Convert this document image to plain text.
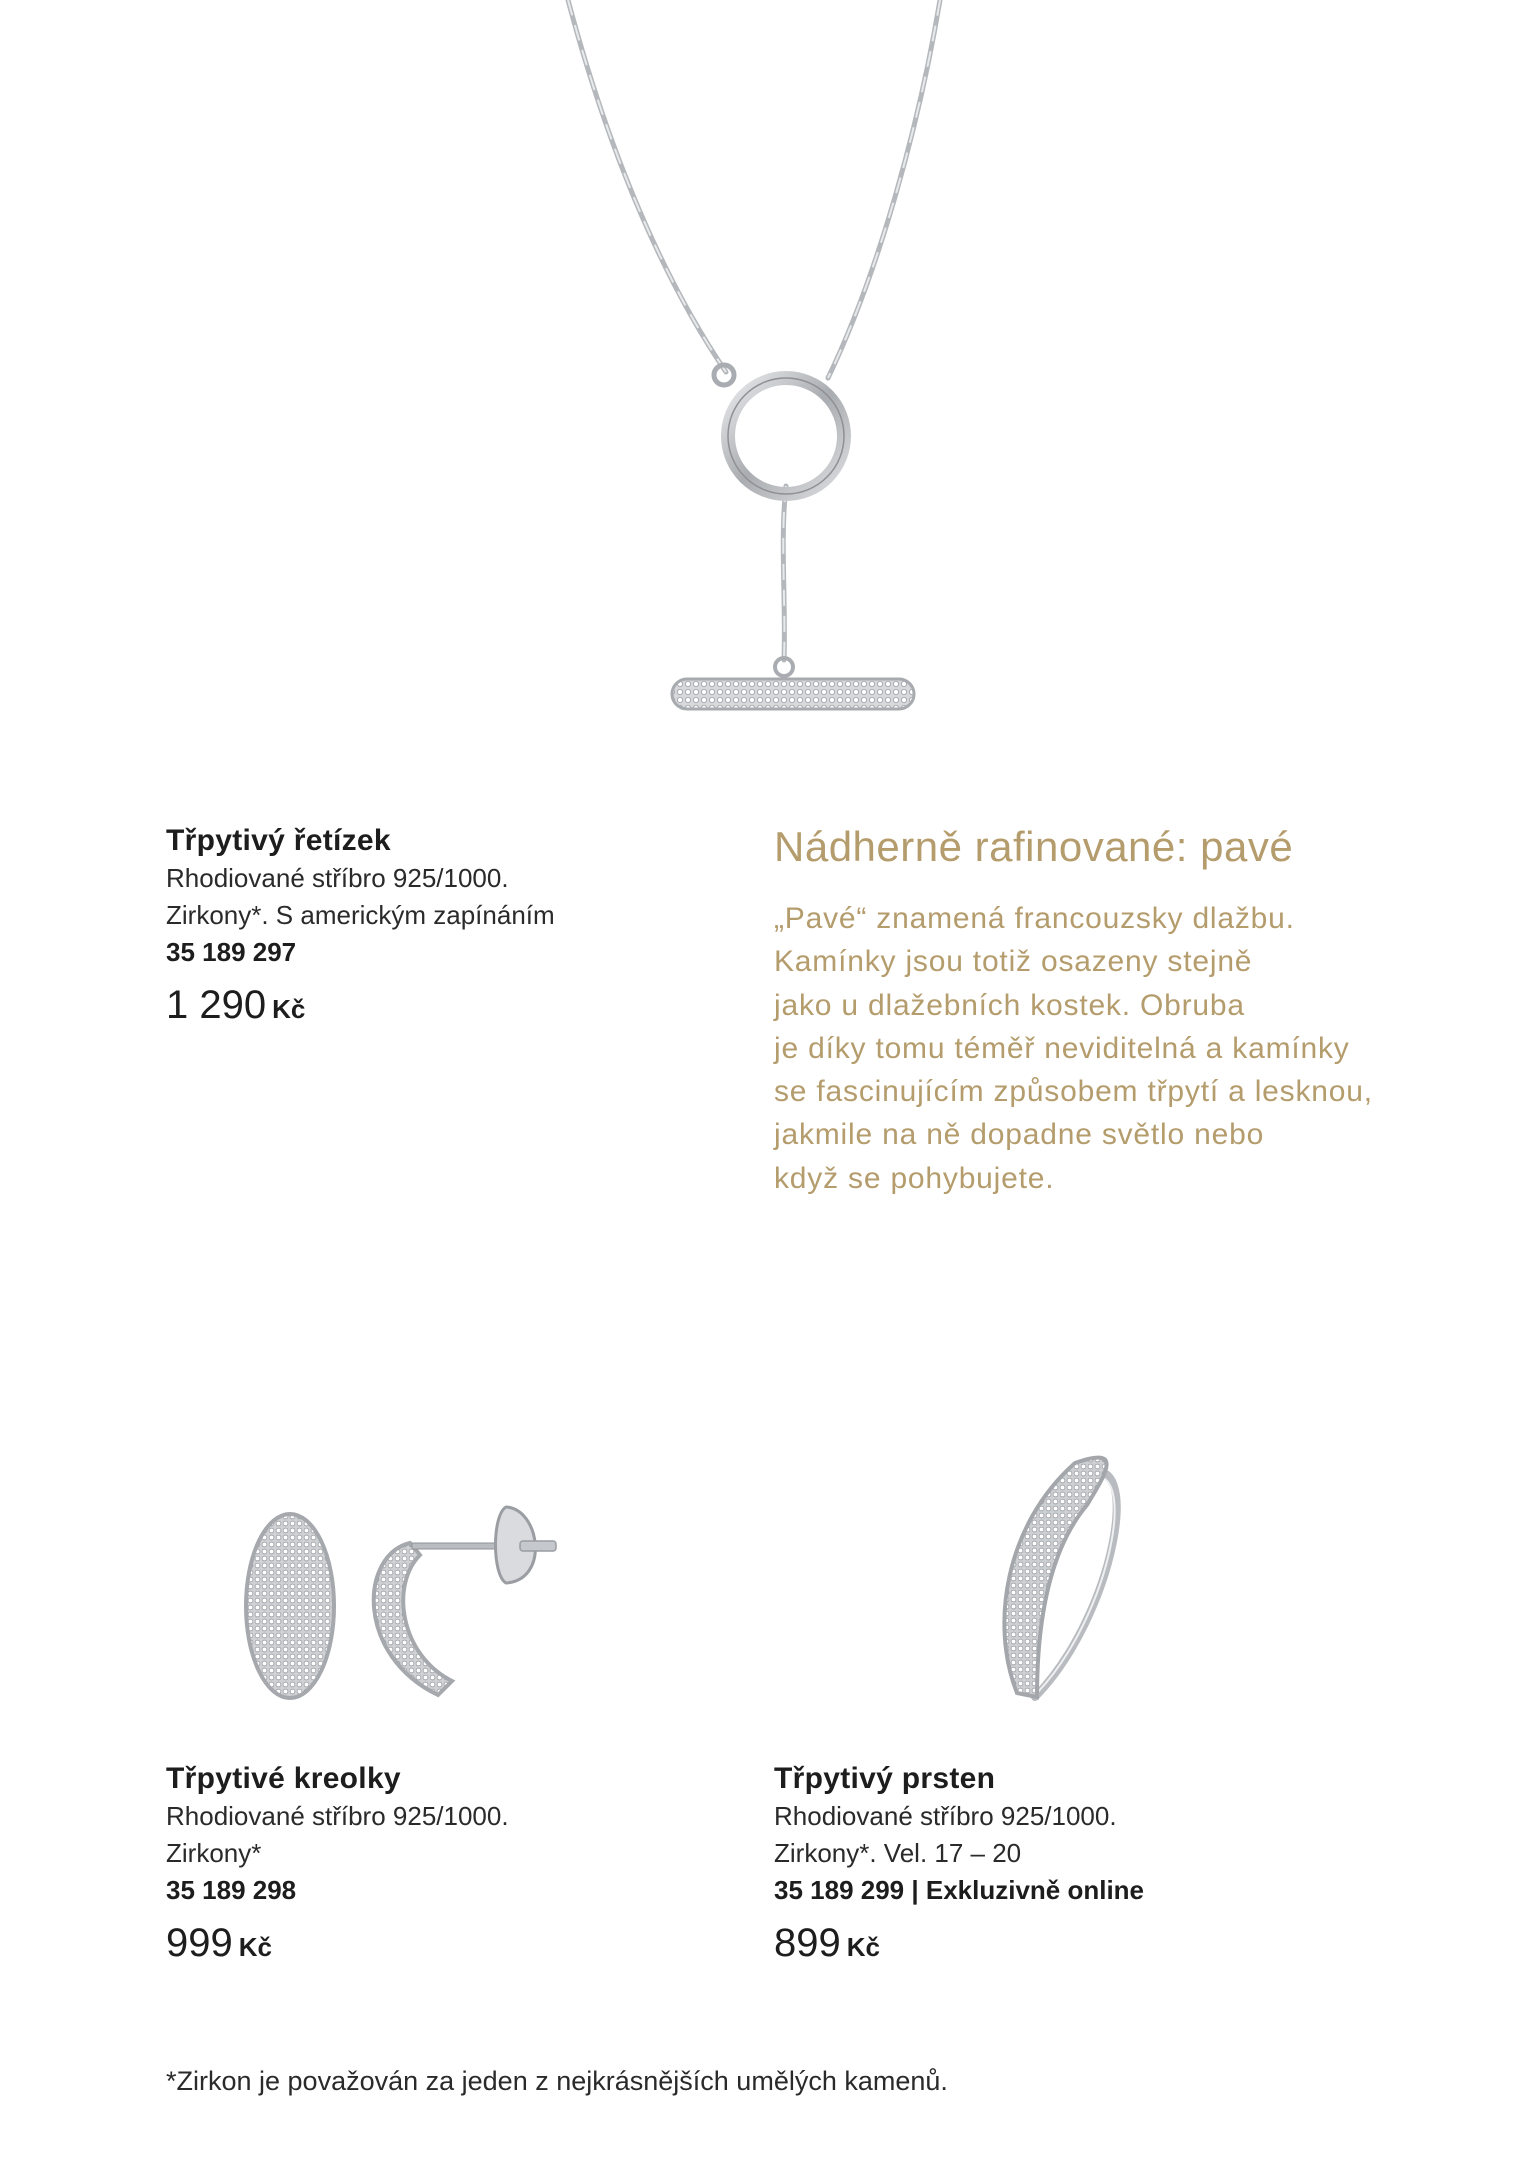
Třpytivý řetízek
Rhodiované stříbro 925/1000.
Zirkony*. S americkým zapínáním
35 189 297
1 290 Kč
Nádherně rafinované: pavé
„Pavé“ znamená francouzsky dlažbu.
Kamínky jsou totiž osazeny stejně
jako u dlažebních kostek. Obruba
je díky tomu téměř neviditelná a kamínky
se fascinujícím způsobem třpytí a lesknou,
jakmile na ně dopadne světlo nebo
když se pohybujete.
Třpytivé kreolky
Rhodiované stříbro 925/1000.
Zirkony*
35 189 298
999 Kč
Třpytivý prsten
Rhodiované stříbro 925/1000.
Zirkony*. Vel. 17 – 20
35 189 299 | Exkluzivně online
899 Kč
*Zirkon je považován za jeden z nejkrásnějších umělých kamenů.
